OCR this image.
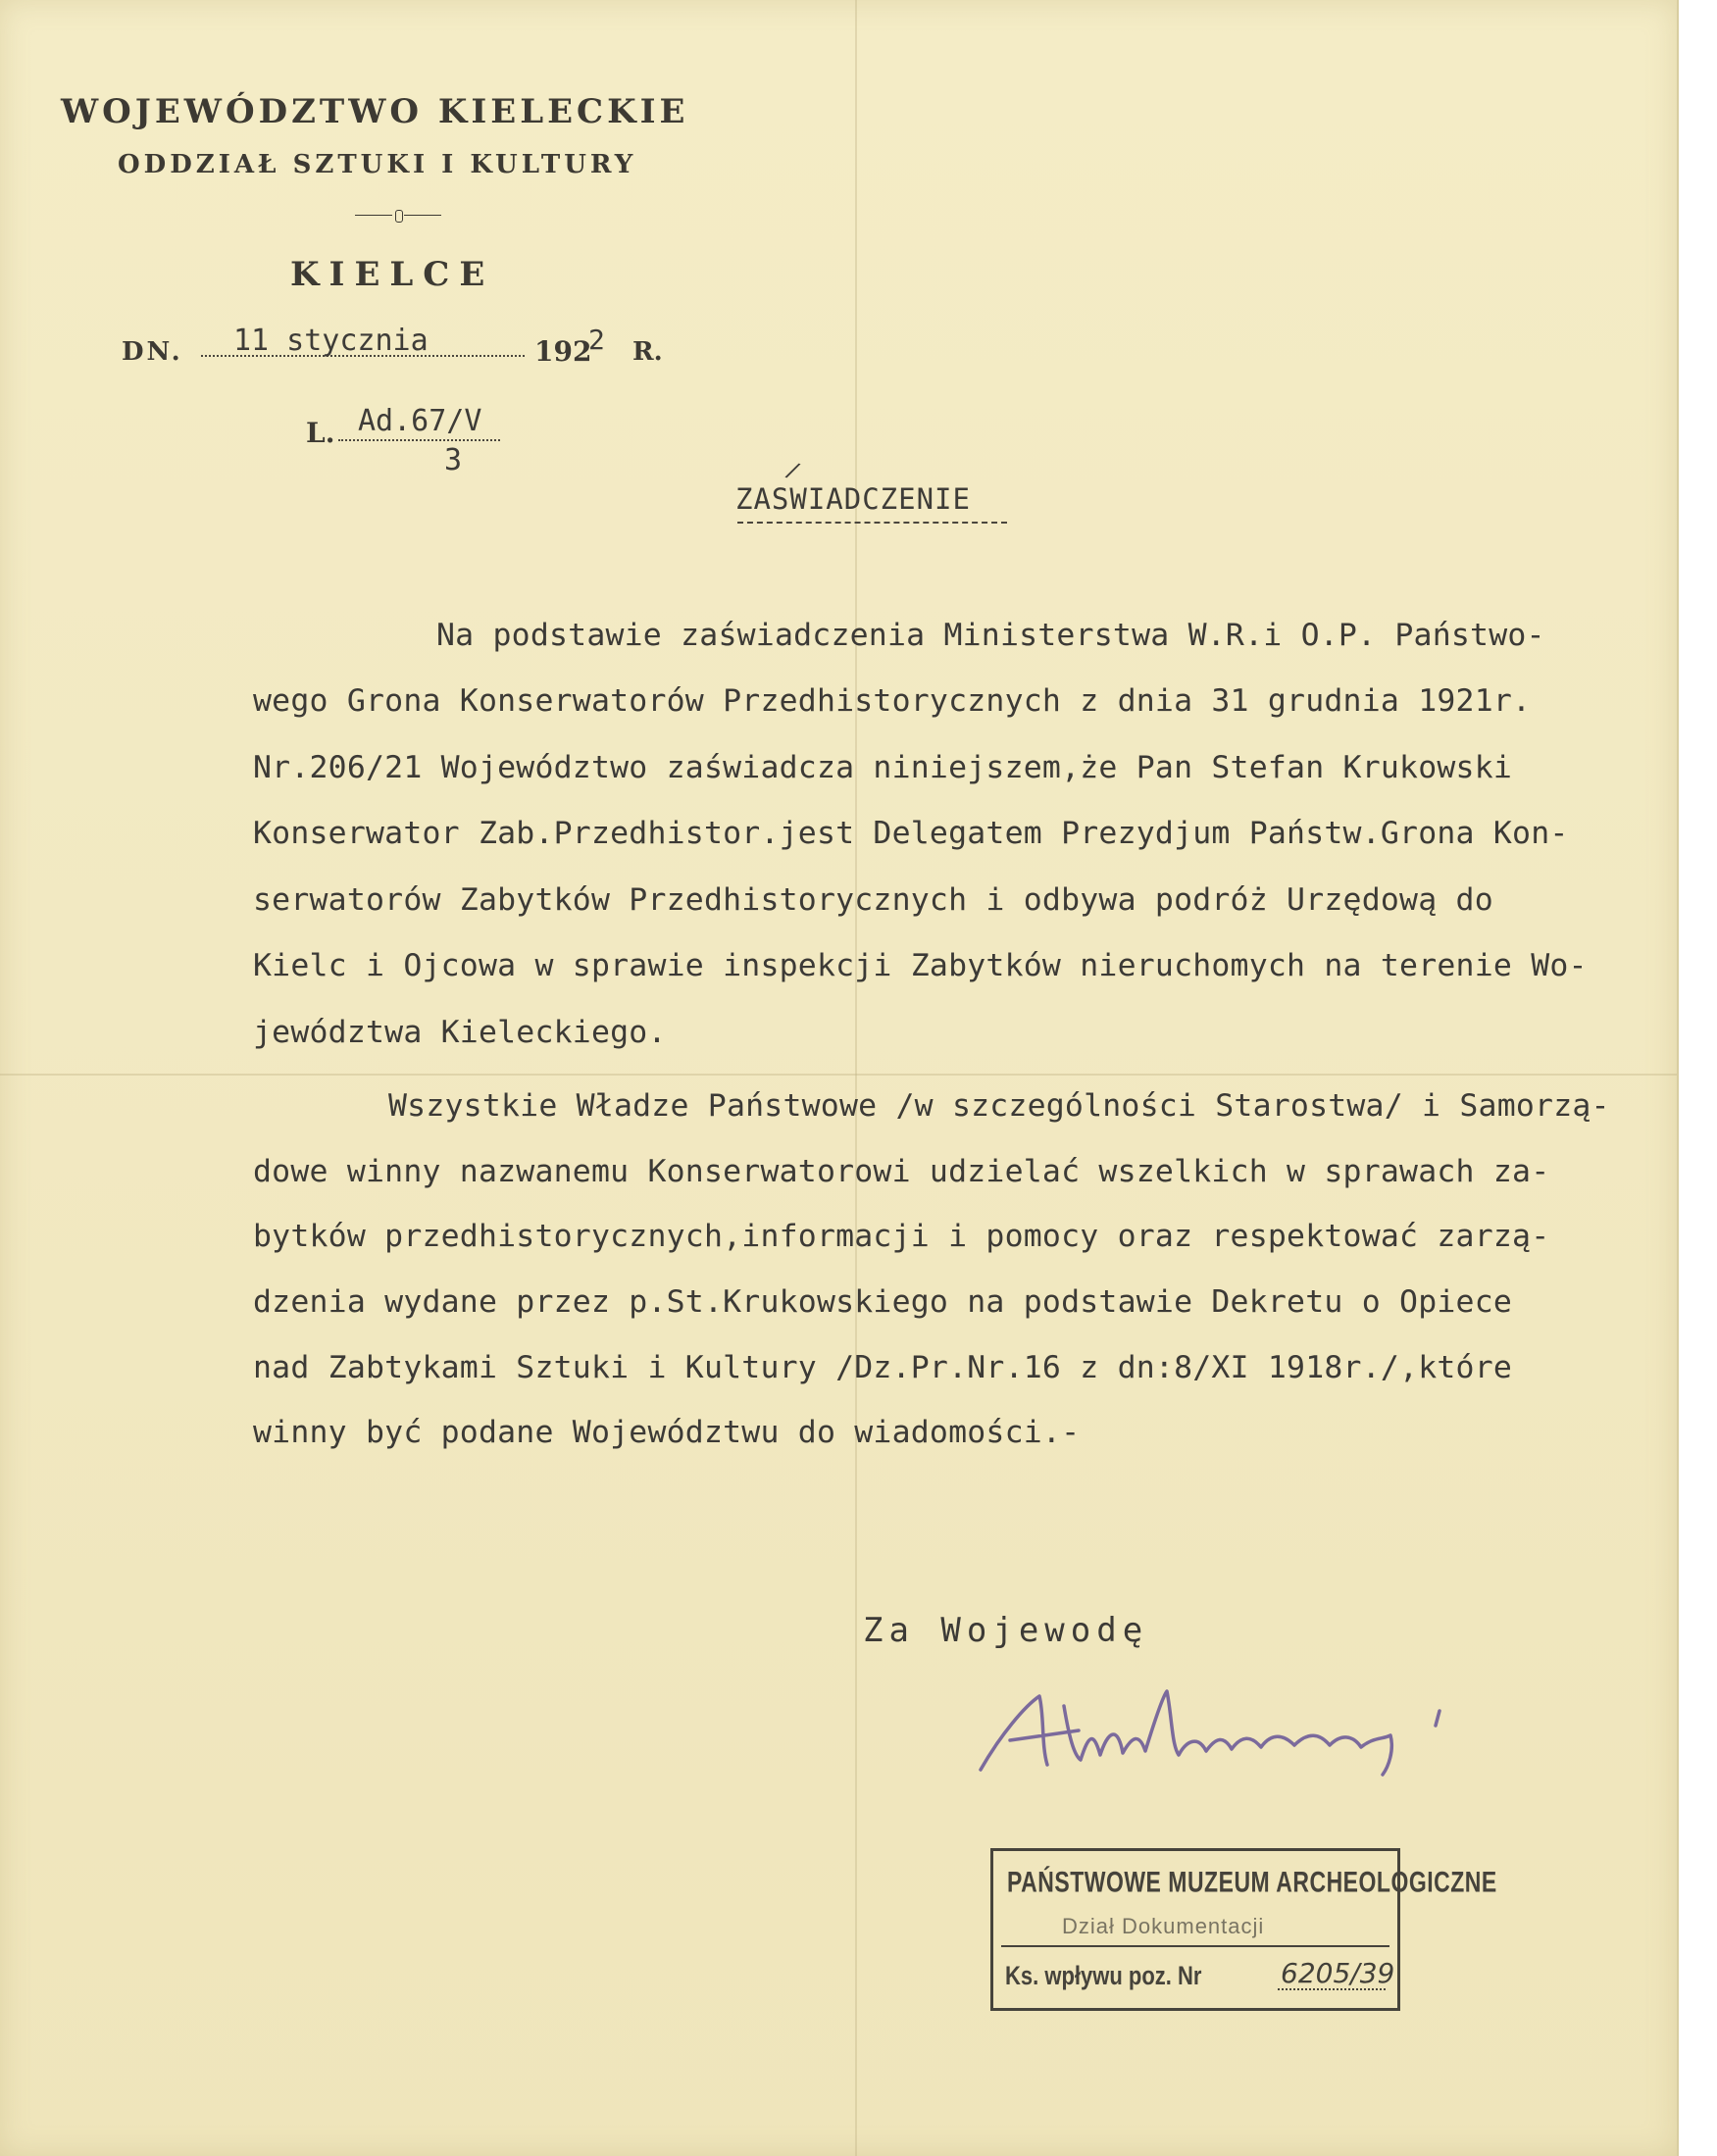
WOJEWÓDZTWO KIELECKIE
ODDZIAŁ SZTUKI I KULTURY
KIELCE
DN. 11 stycznia	192
2 R.
L. Ad.67/V
3	/
ZASWIADCZENIE
Na podstawie zaświadczenia Ministerstwa W.R.i O.P. Państwo-
wego Grona Konserwatorów Przedhistorycznych z dnia 31 grudnia 1921r.
Nr.206/21 Województwo zaświadcza niniejszem,że Pan Stefan Krukowski
Konserwator Zab.Przedhistor.jest Delegatem Prezydjum Państw.Grona Kon-
serwatorów Zabytków Przedhistorycznych i odbywa podróż Urzędową do
Kielc i Ojcowa w sprawie inspekcji Zabytków nieruchomych na terenie Wo-
jewództwa Kieleckiego.
Wszystkie Władze Państwowe /w szczególności Starostwa/ i Samorzą-
dowe winny nazwanemu Konserwatorowi udzielać wszelkich w sprawach za-
bytków przedhistorycznych,informacji i pomocy oraz respektować zarzą-
dzenia wydane przez p.St.Krukowskiego na podstawie Dekretu o Opiece
nad Zabtykami Sztuki i Kultury /Dz.Pr.Nr.16 z dn:8/XI 1918r./,które
winny być podane Województwu do wiadomości.-
Za Wojewodę
PAŃSTWOWE MUZEUM ARCHEOLOGICZNE
Dział Dokumentacji
Ks. wpływu poz. Nr	6205/39
